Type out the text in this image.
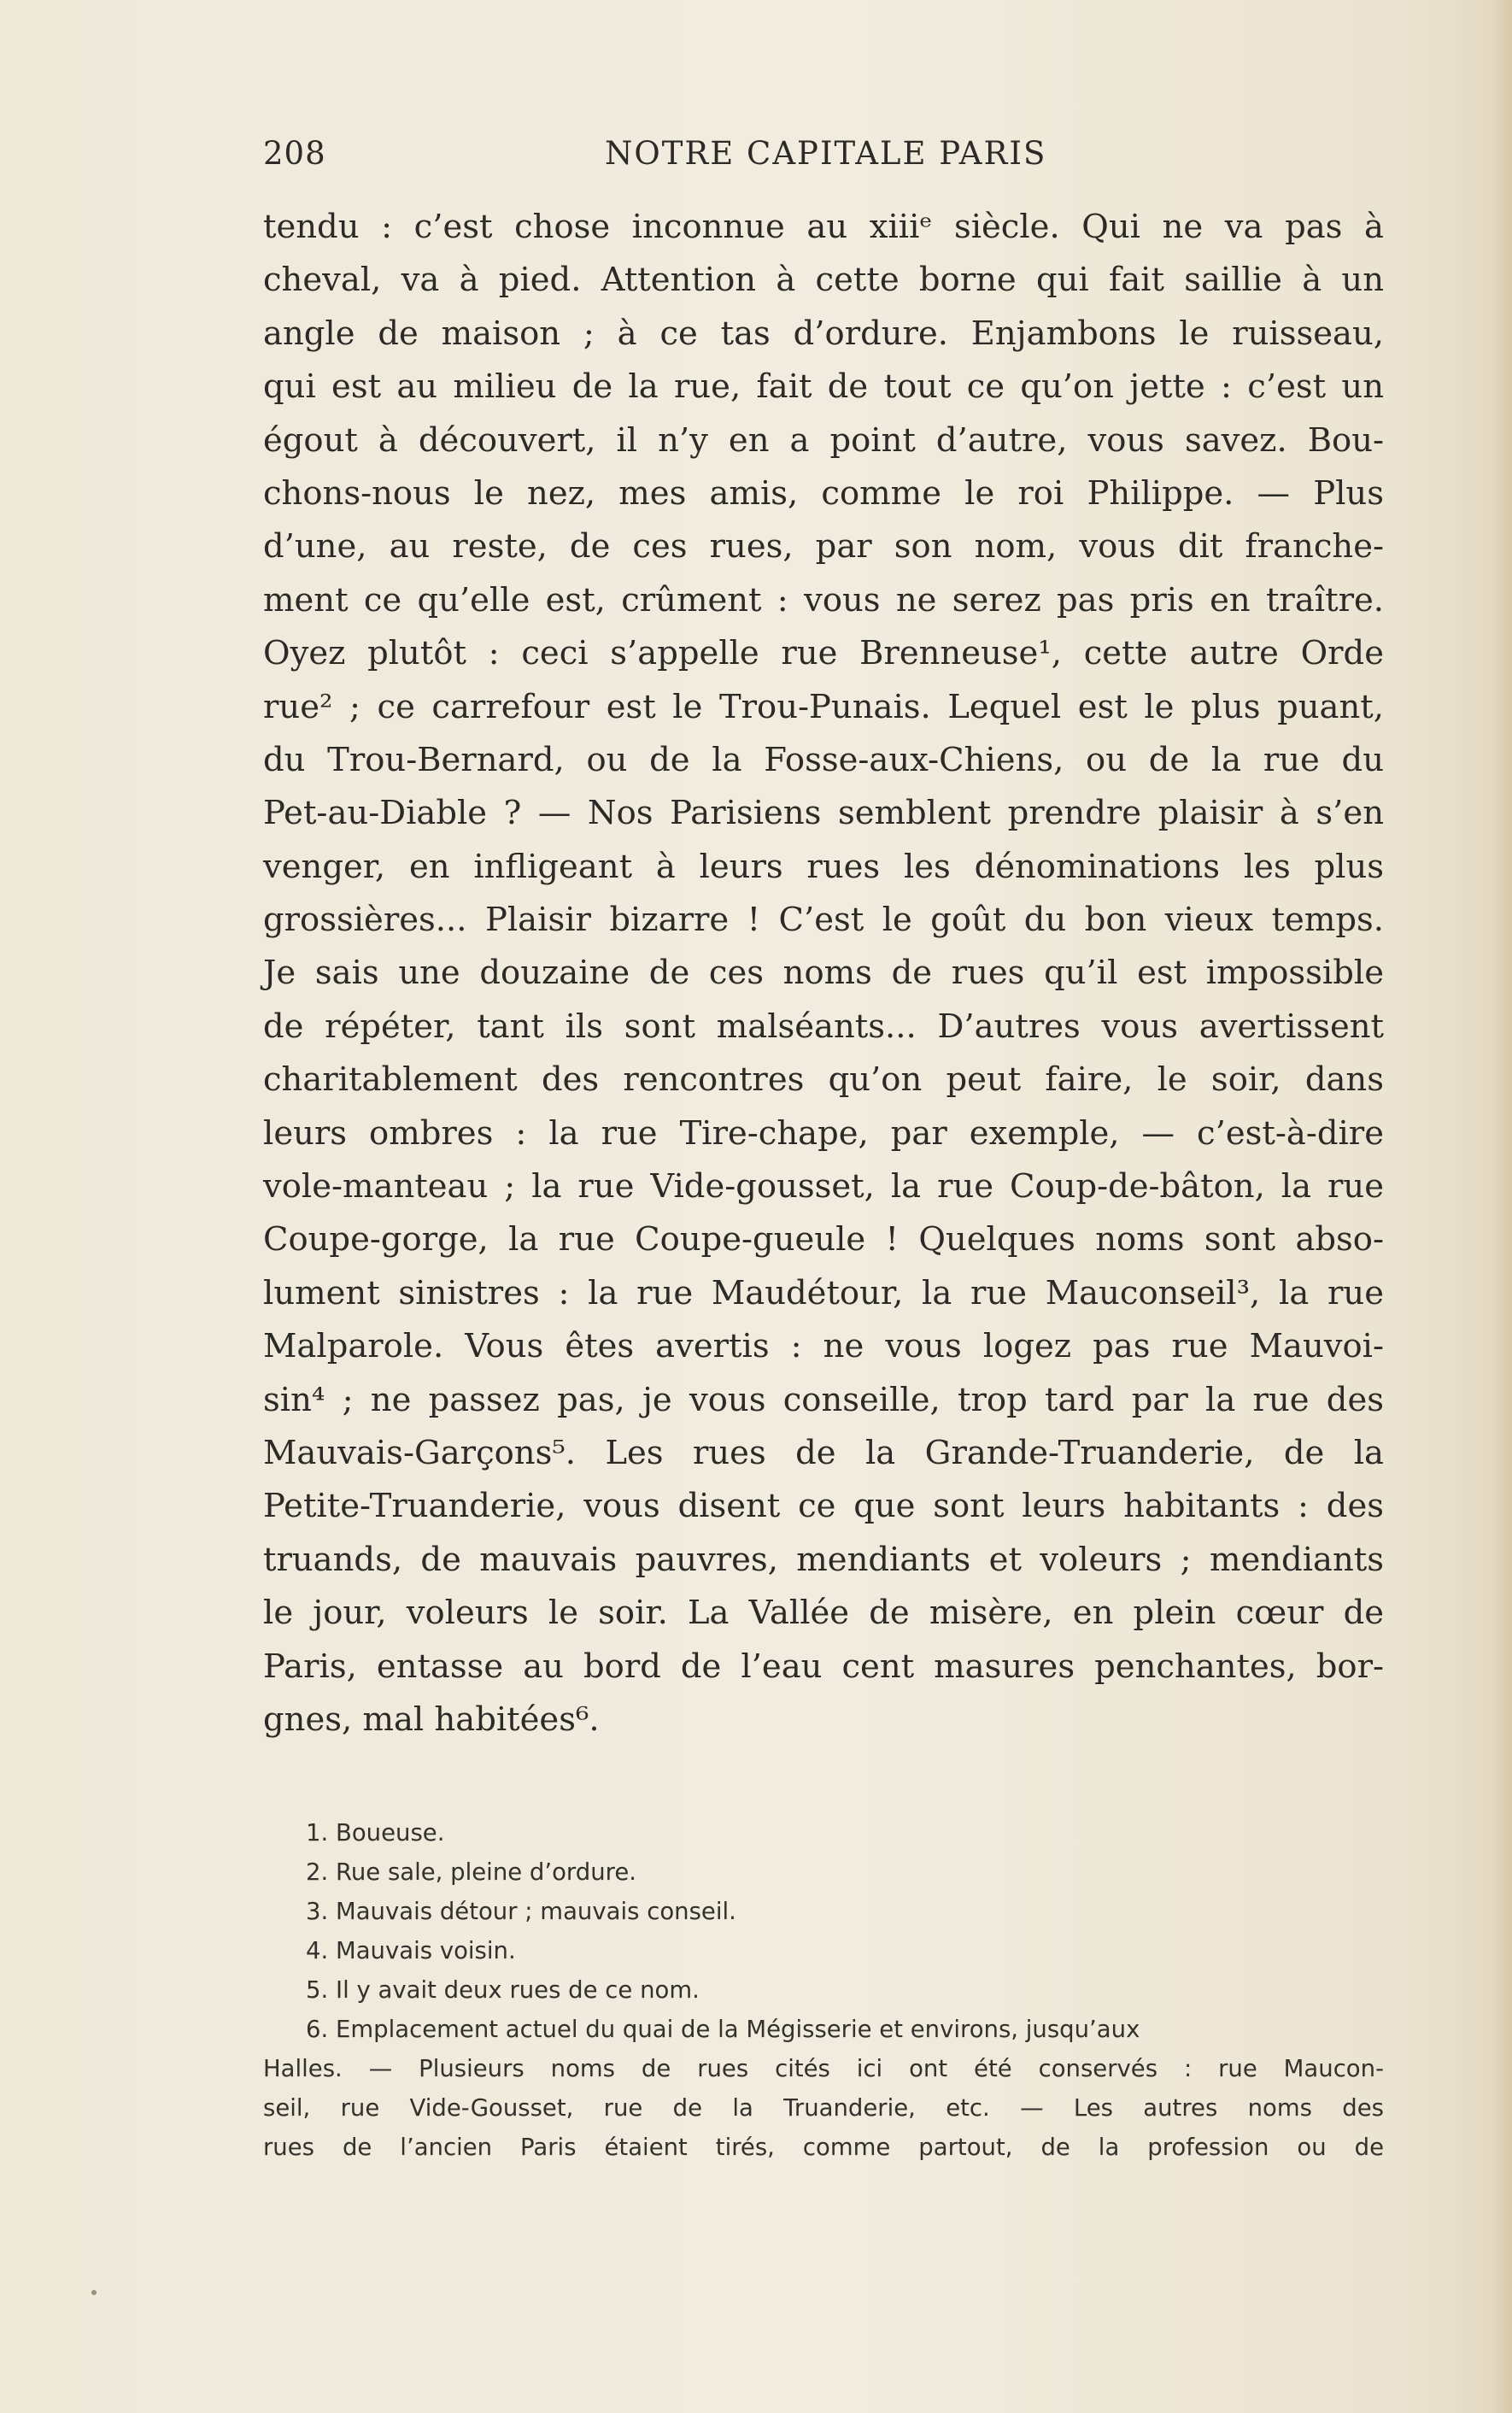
208	NOTRE CAPITALE PARIS
tendu : c’est chose inconnue au xiiiᵉ siècle. Qui ne va pas à
cheval, va à pied. Attention à cette borne qui fait saillie à un
angle de maison ; à ce tas d’ordure. Enjambons le ruisseau,
qui est au milieu de la rue, fait de tout ce qu’on jette : c’est un
égout à découvert, il n’y en a point d’autre, vous savez. Bou-
chons-nous le nez, mes amis, comme le roi Philippe. — Plus
d’une, au reste, de ces rues, par son nom, vous dit franche-
ment ce qu’elle est, crûment : vous ne serez pas pris en traître.
Oyez plutôt : ceci s’appelle rue Brenneuse¹, cette autre Orde
rue² ; ce carrefour est le Trou-Punais. Lequel est le plus puant,
du Trou-Bernard, ou de la Fosse-aux-Chiens, ou de la rue du
Pet-au-Diable ? — Nos Parisiens semblent prendre plaisir à s’en
venger, en infligeant à leurs rues les dénominations les plus
grossières... Plaisir bizarre ! C’est le goût du bon vieux temps.
Je sais une douzaine de ces noms de rues qu’il est impossible
de répéter, tant ils sont malséants... D’autres vous avertissent
charitablement des rencontres qu’on peut faire, le soir, dans
leurs ombres : la rue Tire-chape, par exemple, — c’est-à-dire
vole-manteau ; la rue Vide-gousset, la rue Coup-de-bâton, la rue
Coupe-gorge, la rue Coupe-gueule ! Quelques noms sont abso-
lument sinistres : la rue Maudétour, la rue Mauconseil³, la rue
Malparole. Vous êtes avertis : ne vous logez pas rue Mauvoi-
sin⁴ ; ne passez pas, je vous conseille, trop tard par la rue des
Mauvais-Garçons⁵. Les rues de la Grande-Truanderie, de la
Petite-Truanderie, vous disent ce que sont leurs habitants : des
truands, de mauvais pauvres, mendiants et voleurs ; mendiants
le jour, voleurs le soir. La Vallée de misère, en plein cœur de
Paris, entasse au bord de l’eau cent masures penchantes, bor-
gnes, mal habitées⁶.
1. Boueuse.
2. Rue sale, pleine d’ordure.
3. Mauvais détour ; mauvais conseil.
4. Mauvais voisin.
5. Il y avait deux rues de ce nom.
6. Emplacement actuel du quai de la Mégisserie et environs, jusqu’aux
Halles. — Plusieurs noms de rues cités ici ont été conservés : rue Maucon-
seil, rue Vide-Gousset, rue de la Truanderie, etc. — Les autres noms des
rues de l’ancien Paris étaient tirés, comme partout, de la profession ou de
